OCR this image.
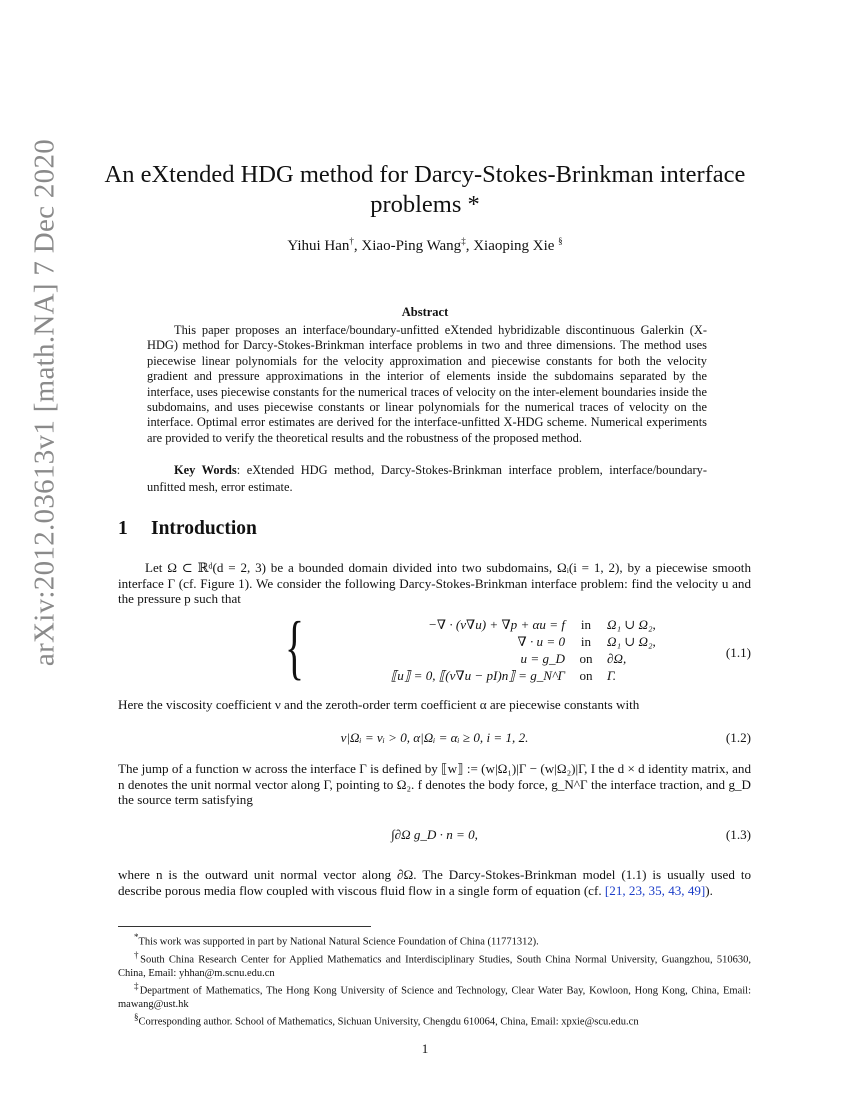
arXiv:2012.03613v1 [math.NA] 7 Dec 2020 An eXtended HDG method for Darcy-Stokes-Brinkman interface
problems *
Yihui Han†, Xiao-Ping Wang‡, Xiaoping Xie §
Abstract
This paper proposes an interface/boundary-unfitted eXtended hybridizable discontinuous Galerkin (X-HDG) method for Darcy-Stokes-Brinkman interface problems in two and three dimensions. The method uses piecewise linear polynomials for the velocity approximation and piecewise constants for both the velocity gradient and pressure approximations in the interior of elements inside the subdomains separated by the interface, uses piecewise constants for the numerical traces of velocity on the inter-element boundaries inside the subdomains, and uses piecewise constants or linear polynomials for the numerical traces of velocity on the interface. Optimal error estimates are derived for the interface-unfitted X-HDG scheme. Numerical experiments are provided to verify the theoretical results and the robustness of the proposed method.
Key Words: eXtended HDG method, Darcy-Stokes-Brinkman interface problem, interface/boundary-unfitted mesh, error estimate.
1 Introduction
Let Ω ⊂ ℝᵈ(d = 2, 3) be a bounded domain divided into two subdomains, Ωᵢ(i = 1, 2), by a piecewise smooth interface Γ (cf. Figure 1). We consider the following Darcy-Stokes-Brinkman interface problem: find the velocity u and the pressure p such that
{	−∇ · (ν∇u) + ∇p + αu = f in Ω₁ ∪ Ω₂,
∇ · u = 0 in Ω₁ ∪ Ω₂,
u = g_D on ∂Ω,
⟦u⟧ = 0, ⟦(ν∇u − pI)n⟧ = g_N^Γ on Γ.
(1.1)
Here the viscosity coefficient ν and the zeroth-order term coefficient α are piecewise constants with
ν|Ωᵢ = νᵢ > 0, α|Ωᵢ = αᵢ ≥ 0, i = 1, 2.	(1.2)
The jump of a function w across the interface Γ is defined by ⟦w⟧ := (w|Ω₁)|Γ − (w|Ω₂)|Γ, I the d × d identity matrix, and n denotes the unit normal vector along Γ, pointing to Ω₂. f denotes the body force, g_N^Γ the interface traction, and g_D the source term satisfying
∫∂Ω g_D · n = 0,	(1.3)
where n is the outward unit normal vector along ∂Ω. The Darcy-Stokes-Brinkman model (1.1) is usually used to describe porous media flow coupled with viscous fluid flow in a single form of equation (cf. [21, 23, 35, 43, 49]).
*This work was supported in part by National Natural Science Foundation of China (11771312).
†South China Research Center for Applied Mathematics and Interdisciplinary Studies, South China Normal University, Guangzhou, 510630, China, Email: yhhan@m.scnu.edu.cn
‡Department of Mathematics, The Hong Kong University of Science and Technology, Clear Water Bay, Kowloon, Hong Kong, China, Email: mawang@ust.hk
§Corresponding author. School of Mathematics, Sichuan University, Chengdu 610064, China, Email: xpxie@scu.edu.cn
1
